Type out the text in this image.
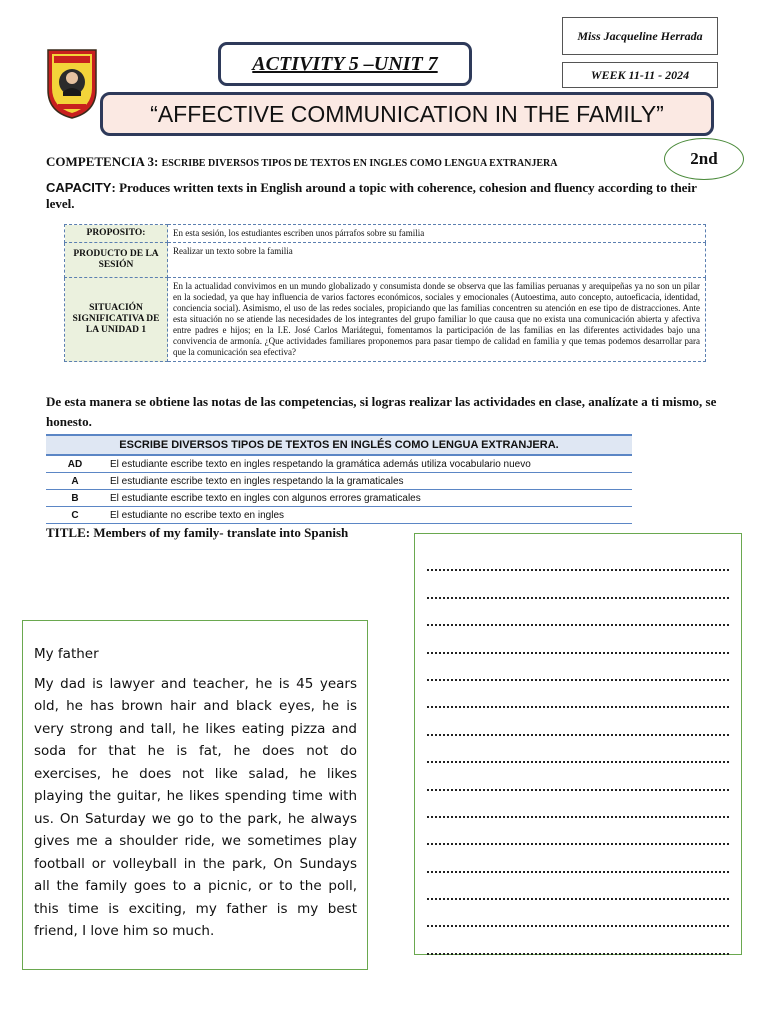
ACTIVITY 5 –UNIT 7
Miss Jacqueline Herrada
WEEK 11-11 - 2024
“AFFECTIVE COMMUNICATION IN THE FAMILY”
2nd
COMPETENCIA 3: ESCRIBE DIVERSOS TIPOS DE TEXTOS EN INGLES COMO LENGUA EXTRANJERA
CAPACITY: Produces written texts in English around a topic with coherence, cohesion and fluency according to their level.
PROPOSITO:	En esta sesión, los estudiantes escriben unos párrafos sobre su familia
PRODUCTO DE LA SESIÓN	Realizar un texto sobre la familia
SITUACIÓN SIGNIFICATIVA DE LA UNIDAD 1	En la actualidad convivimos en un mundo globalizado y consumista donde se observa que las familias peruanas y arequipeñas ya no son un pilar en la sociedad, ya que hay influencia de varios factores económicos, sociales y emocionales (Autoestima, auto concepto, autoeficacia, identidad, conciencia social). Asimismo, el uso de las redes sociales, propiciando que las familias concentren su atención en ese tipo de distracciones. Ante esta situación no se atiende las necesidades de los integrantes del grupo familiar lo que causa que no exista una comunicación abierta y afectiva entre padres e hijos; en la I.E. José Carlos Mariátegui, fomentamos la participación de las familias en las diferentes actividades bajo una convivencia de armonía. ¿Que actividades familiares proponemos para pasar tiempo de calidad en familia y que temas podemos desarrollar para que la comunicación sea efectiva?
De esta manera se obtiene las notas de las competencias, si logras realizar las actividades en clase, analízate a ti mismo, se honesto.
ESCRIBE DIVERSOS TIPOS DE TEXTOS EN INGLÉS COMO LENGUA EXTRANJERA.
AD	El estudiante escribe texto en ingles respetando la gramática además utiliza vocabulario nuevo
A	El estudiante escribe texto en ingles respetando la la gramaticales
B	El estudiante escribe texto en ingles con algunos errores gramaticales
C	El estudiante no escribe texto en ingles
TITLE: Members of my family- translate into Spanish
My father
My dad is lawyer and teacher, he is 45 years old, he has brown hair and black eyes, he is very strong and tall, he likes eating pizza and soda for that he is fat, he does not do exercises, he does not like salad, he likes playing the guitar, he likes spending time with us. On Saturday we go to the park, he always gives me a shoulder ride, we sometimes play football or volleyball in the park, On Sundays all the family goes to a picnic, or to the poll, this time is exciting, my father is my best friend, I love him so much.
